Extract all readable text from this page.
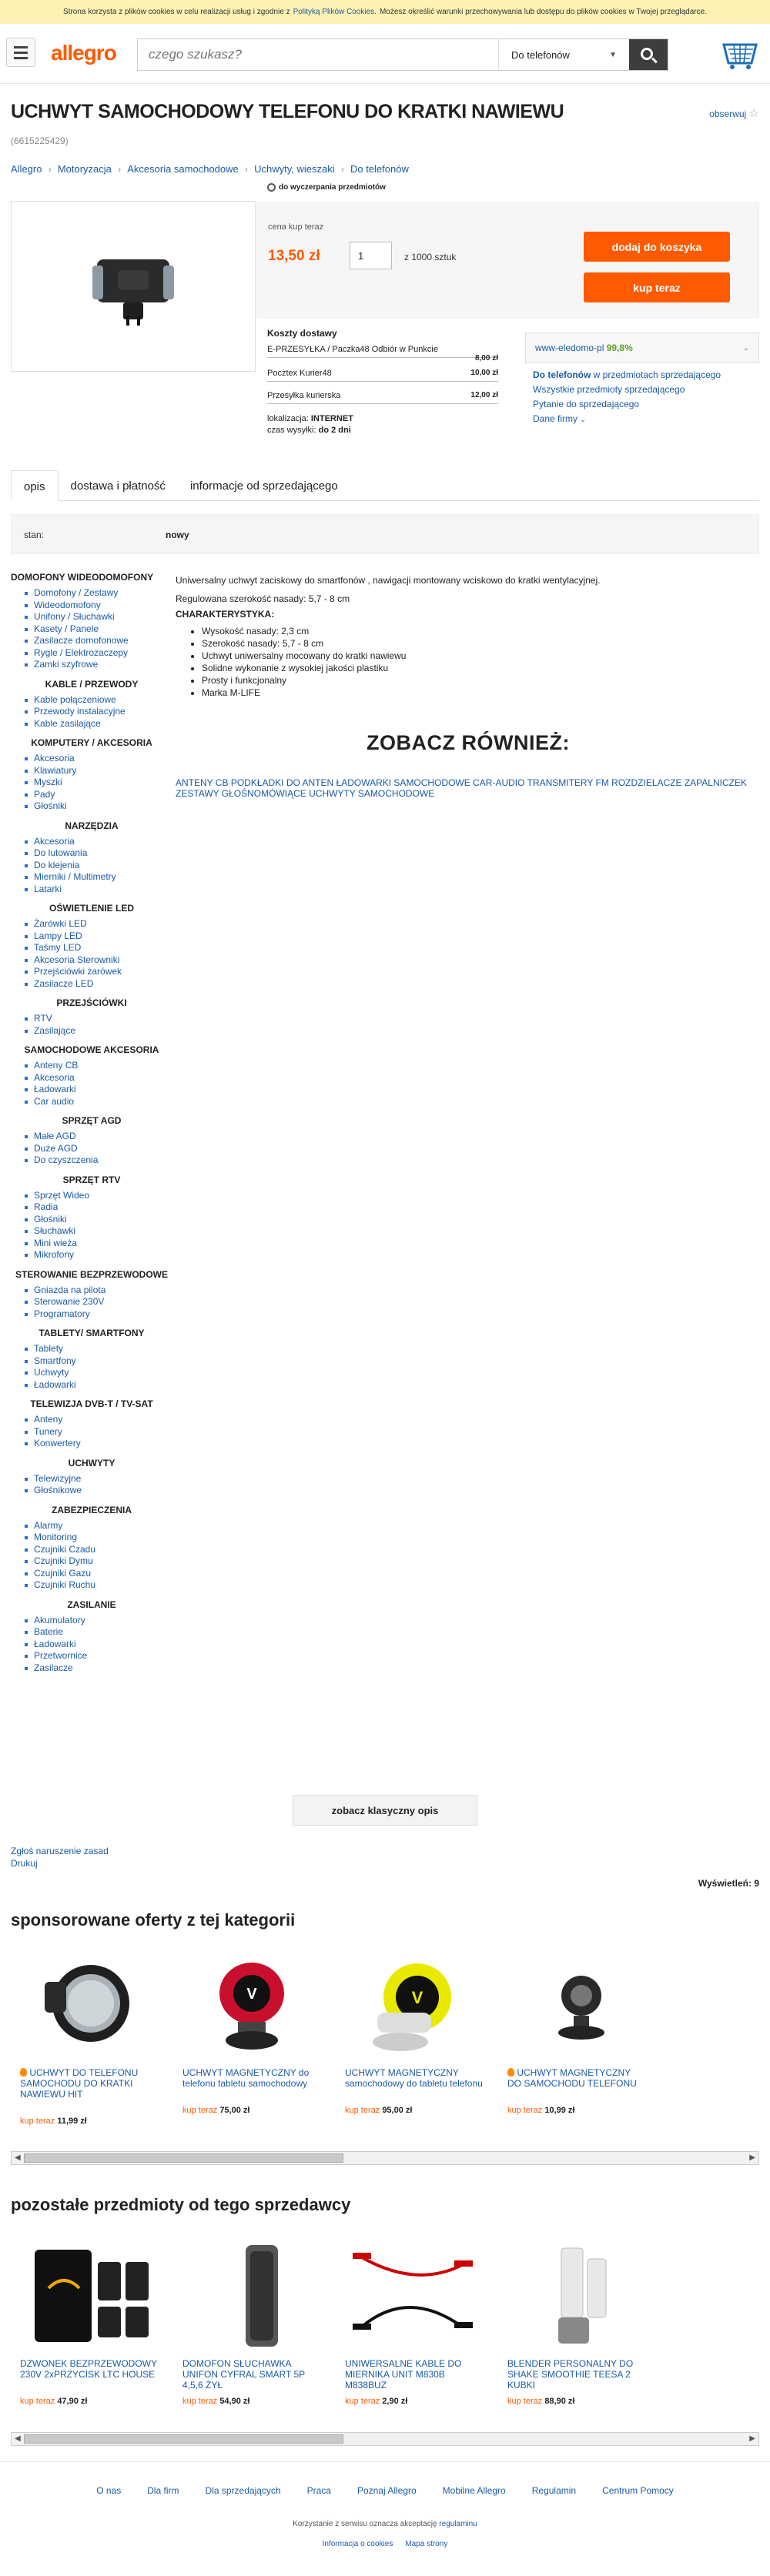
Strona korzysta z plików cookies w celu realizacji usług i zgodnie z Polityką Plików Cookies. Możesz określić warunki przechowywania lub dostępu do plików cookies w Twojej przeglądarce.
allegro
czego szukasz?	Do telefonów	▼
UCHWYT SAMOCHODOWY TELEFONU DO KRATKI NAWIEWU	obserwuj ☆
(6615225429)
Allegro › Motoryzacja › Akcesoria samochodowe › Uchwyty, wieszaki › Do telefonów
do wyczerpania przedmiotów
cena kup teraz
13,50 zł	1	z 1000 sztuk
dodaj do koszyka
kup teraz
Koszty dostawy
E-PRZESYŁKA / Paczka48 Odbiór w Punkcie
8,00 zł
Pocztex Kurier48	10,00 zł
Przesyłka kurierska	12,00 zł
lokalizacja: INTERNET
czas wysyłki: do 2 dni
www-eledomo-pl 99,8%	⌄
Do telefonów w przedmiotach sprzedającego
Wszystkie przedmioty sprzedającego
Pytanie do sprzedającego
Dane firmy ⌄
opis	dostawa i płatność	informacje od sprzedającego
stan:	nowy
DOMOFONY WIDEODOMOFONY
Domofony / Zestawy
Wideodomofony
Unifony / Słuchawki
Kasety / Panele
Zasilacze domofonowe
Rygle / Elektrozaczepy
Zamki szyfrowe
KABLE / PRZEWODY
Kable połączeniowe
Przewody instalacyjne
Kable zasilające
KOMPUTERY / AKCESORIA
Akcesoria
Klawiatury
Myszki
Pady
Głośniki
NARZĘDZIA
Akcesoria
Do lutowania
Do klejenia
Mierniki / Multimetry
Latarki
OŚWIETLENIE LED
Żarówki LED
Lampy LED
Taśmy LED
Akcesoria Sterowniki
Przejściówki żarówek
Zasilacze LED
PRZEJŚCIÓWKI
RTV
Zasilające
SAMOCHODOWE AKCESORIA
Anteny CB
Akcesoria
Ładowarki
Car audio
SPRZĘT AGD
Małe AGD
Duże AGD
Do czyszczenia
SPRZĘT RTV
Sprzęt Wideo
Radia
Głośniki
Słuchawki
Mini wieża
Mikrofony
STEROWANIE BEZPRZEWODOWE
Gniazda na pilota
Sterowanie 230V
Programatory
TABLETY/ SMARTFONY
Tablety
Smartfony
Uchwyty
Ładowarki
TELEWIZJA DVB-T / TV-SAT
Anteny
Tunery
Konwertery
UCHWYTY
Telewizyjne
Głośnikowe
ZABEZPIECZENIA
Alarmy
Monitoring
Czujniki Czadu
Czujniki Dymu
Czujniki Gazu
Czujniki Ruchu
ZASILANIE
Akumulatory
Baterie
Ładowarki
Przetwornice
Zasilacze

Uniwersalny uchwyt zaciskowy do smartfonów , nawigacji montowany wciskowo do kratki wentylacyjnej.

Regulowana szerokość nasady: 5,7 - 8 cm

CHARAKTERYSTYKA:

• Wysokość nasady: 2,3 cm
• Szerokość nasady: 5,7 - 8 cm
• Uchwyt uniwersalny mocowany do kratki nawiewu
• Solidne wykonanie z wysokiej jakości plastiku
• Prosty i funkcjonalny
• Marka M-LIFE
ZOBACZ RÓWNIEŻ:
ANTENY CB PODKŁADKI DO ANTEN ŁADOWARKI SAMOCHODOWE CAR-AUDIO TRANSMITERY FM ROZDZIELACZE ZAPALNICZEK ZESTAWY GŁOŚNOMÓWIĄCE UCHWYTY SAMOCHODOWE
zobacz klasyczny opis
Zgłoś naruszenie zasad
Drukuj
Wyświetleń: 9
sponsorowane oferty z tej kategorii
UCHWYT DO TELEFONU SAMOCHODU DO KRATKI NAWIEWU HIT
kup teraz 11,99 zł
V
UCHWYT MAGNETYCZNY do telefonu tabletu samochodowy
kup teraz 75,00 zł
V
UCHWYT MAGNETYCZNY samochodowy do tabletu telefonu
kup teraz 95,00 zł
UCHWYT MAGNETYCZNY DO SAMOCHODU TELEFONU
kup teraz 10,99 zł
◀	▶
pozostałe przedmioty od tego sprzedawcy
DZWONEK BEZPRZEWODOWY 230V 2xPRZYCISK LTC HOUSE
kup teraz 47,90 zł
DOMOFON SŁUCHAWKA UNIFON CYFRAL SMART 5P 4,5,6 ŻYŁ
kup teraz 54,90 zł
UNIWERSALNE KABLE DO MIERNIKA UNIT M830B M838BUZ
kup teraz 2,90 zł
BLENDER PERSONALNY DO SHAKE SMOOTHIE TEESA 2 KUBKI
kup teraz 88,90 zł
◀	▶
O nas	Dla firm	Dla sprzedających	Praca	Poznaj Allegro	Mobilne Allegro	Regulamin	Centrum Pomocy
Korzystanie z serwisu oznacza akceptację regulaminu
Informacja o cookies Mapa strony
